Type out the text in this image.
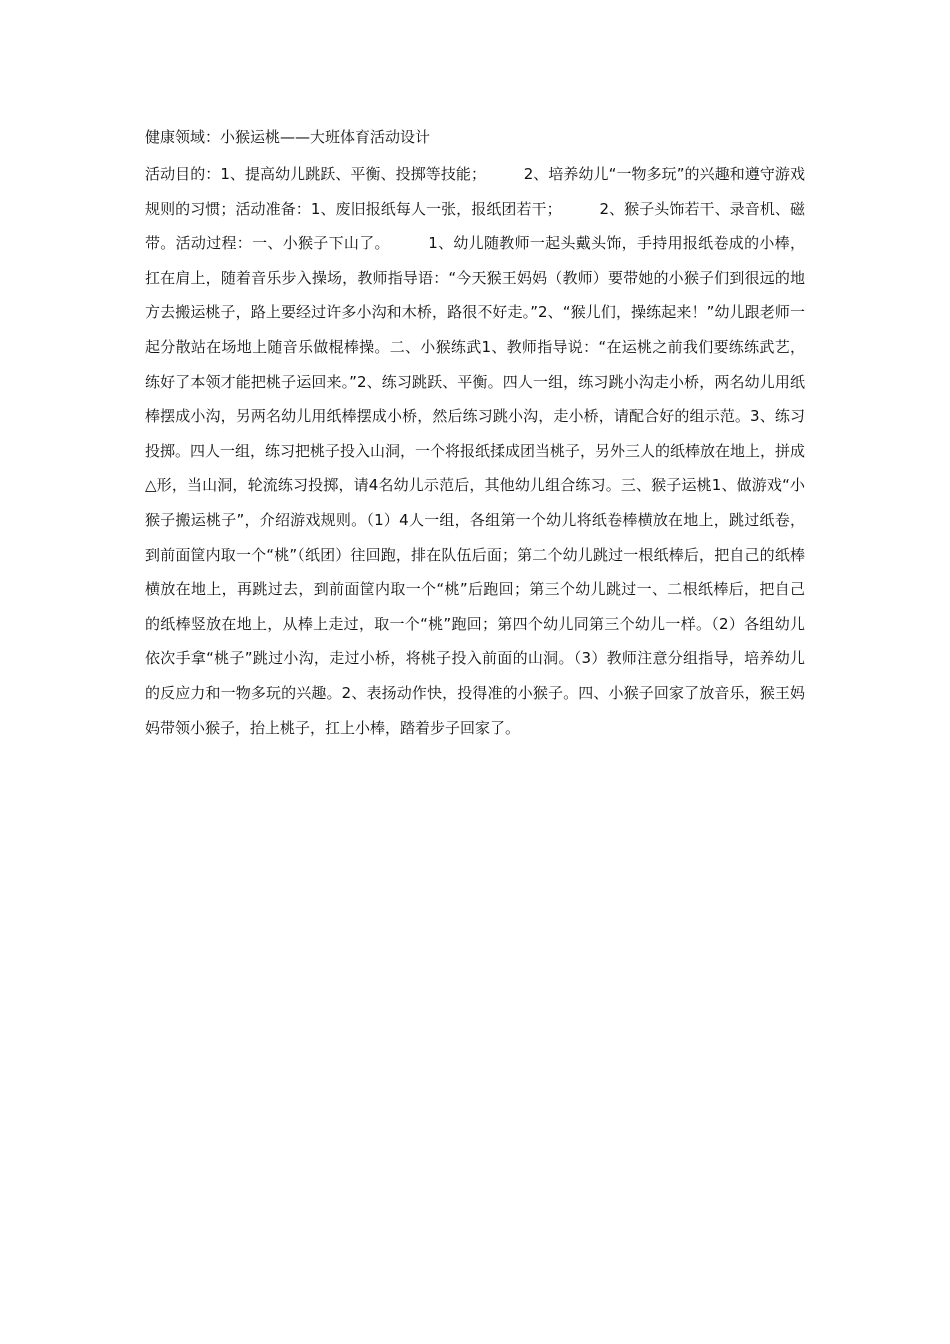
健康领域：小猴运桃——大班体育活动设计

活动目的：1、提高幼儿跳跃、平衡、投掷等技能；　　　2、培养幼儿“一物多玩”的兴趣和遵守游戏规则的习惯；活动准备：1、废旧报纸每人一张，报纸团若干；　　　2、猴子头饰若干、录音机、磁带。活动过程：一、小猴子下山了。　　　1、幼儿随教师一起头戴头饰，手持用报纸卷成的小棒，扛在肩上，随着音乐步入操场，教师指导语：“今天猴王妈妈（教师）要带她的小猴子们到很远的地方去搬运桃子，路上要经过许多小沟和木桥，路很不好走。”2、“猴儿们，操练起来！”幼儿跟老师一起分散站在场地上随音乐做棍棒操。二、小猴练武1、教师指导说：“在运桃之前我们要练练武艺，练好了本领才能把桃子运回来。”2、练习跳跃、平衡。四人一组，练习跳小沟走小桥，两名幼儿用纸棒摆成小沟，另两名幼儿用纸棒摆成小桥，然后练习跳小沟，走小桥，请配合好的组示范。3、练习投掷。四人一组，练习把桃子投入山洞，一个将报纸揉成团当桃子，另外三人的纸棒放在地上，拼成△形，当山洞，轮流练习投掷，请4名幼儿示范后，其他幼儿组合练习。三、猴子运桃1、做游戏“小猴子搬运桃子”，介绍游戏规则。（1）4人一组，各组第一个幼儿将纸卷棒横放在地上，跳过纸卷，到前面筐内取一个“桃”（纸团）往回跑，排在队伍后面；第二个幼儿跳过一根纸棒后，把自己的纸棒横放在地上，再跳过去，到前面筐内取一个“桃”后跑回；第三个幼儿跳过一、二根纸棒后，把自己的纸棒竖放在地上，从棒上走过，取一个“桃”跑回；第四个幼儿同第三个幼儿一样。（2）各组幼儿依次手拿“桃子”跳过小沟，走过小桥，将桃子投入前面的山洞。（3）教师注意分组指导，培养幼儿的反应力和一物多玩的兴趣。2、表扬动作快，投得准的小猴子。四、小猴子回家了放音乐，猴王妈妈带领小猴子，抬上桃子，扛上小棒，踏着步子回家了。
